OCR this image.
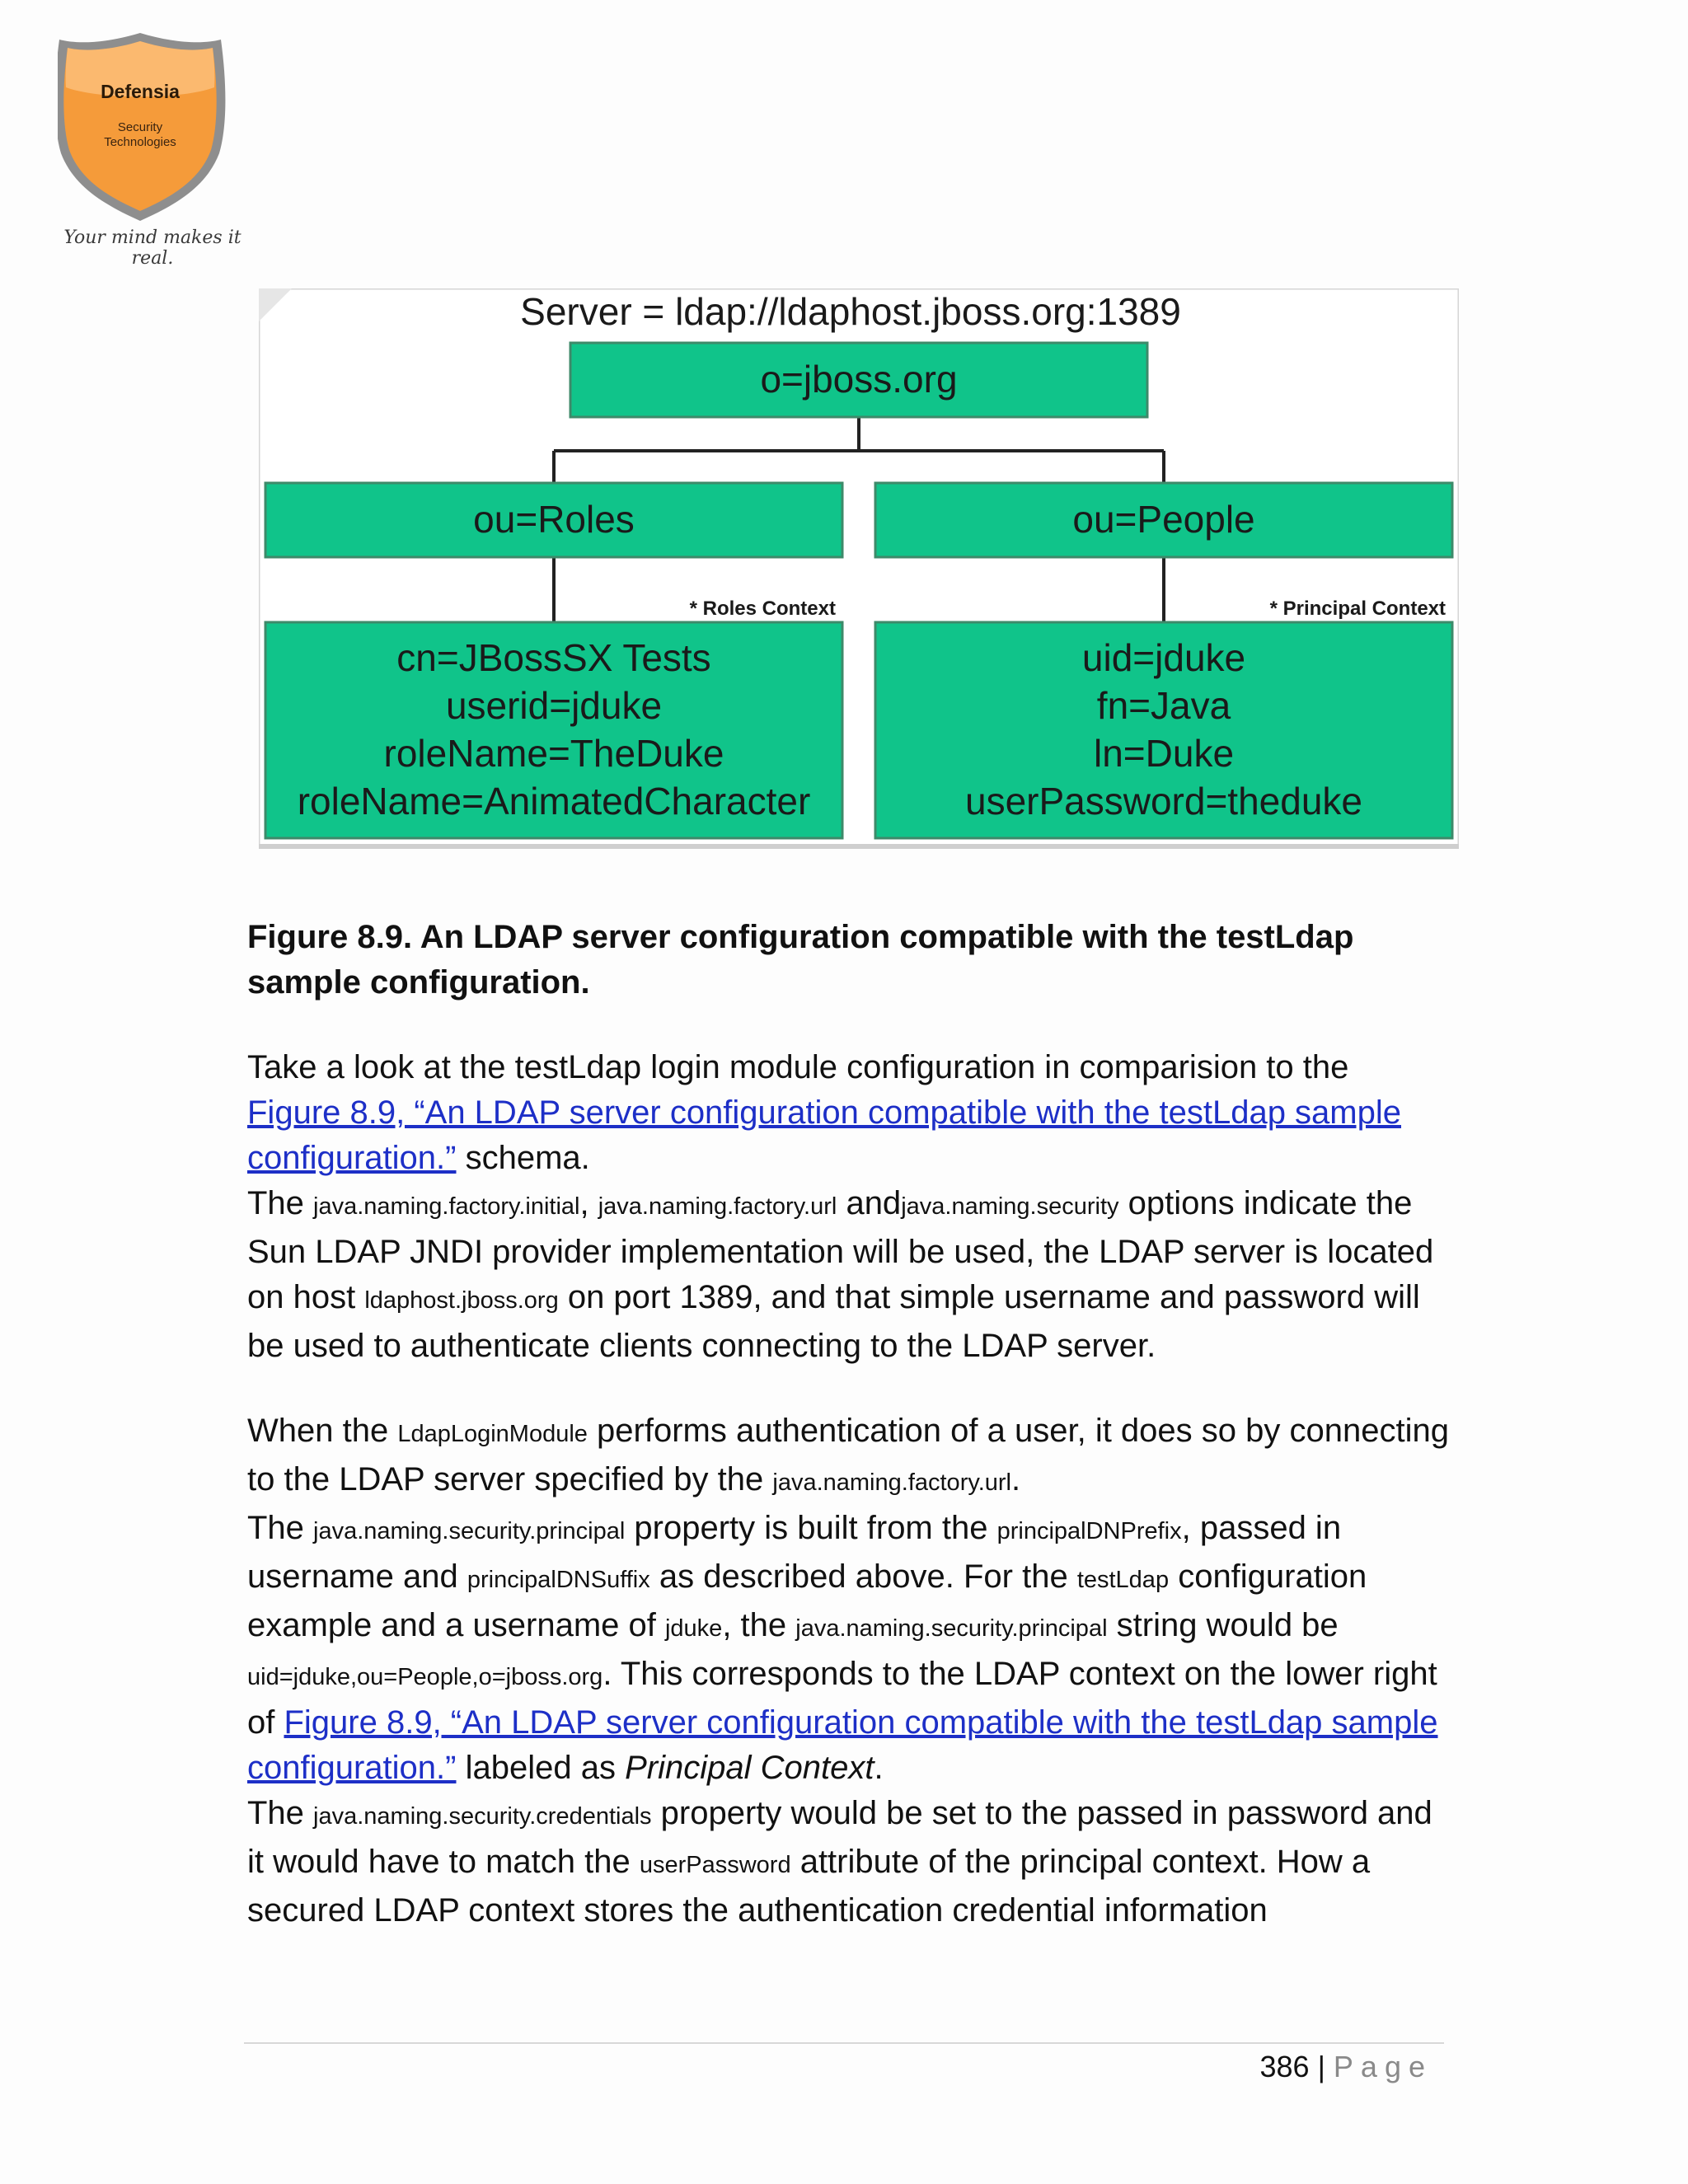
Defensia
Security
Technologies
Your mind makes it real.
Server = ldap://ldaphost.jboss.org:1389
o=jboss.org
ou=Roles	ou=People
* Roles Context	* Principal Context
cn=JBossSX Tests
userid=jduke
roleName=TheDuke
roleName=AnimatedCharacter
uid=jduke
fn=Java
ln=Duke
userPassword=theduke

Figure 8.9. An LDAP server configuration compatible with the testLdap sample configuration.

Take a look at the testLdap login module configuration in comparision to the Figure 8.9, “An LDAP server configuration compatible with the testLdap sample configuration.” schema.
The java.naming.factory.initial, java.naming.factory.url andjava.naming.security options indicate the Sun LDAP JNDI provider implementation will be used, the LDAP server is located on host ldaphost.jboss.org on port 1389, and that simple username and password will be used to authenticate clients connecting to the LDAP server.

When the LdapLoginModule performs authentication of a user, it does so by connecting to the LDAP server specified by the java.naming.factory.url.
The java.naming.security.principal property is built from the principalDNPrefix, passed in username and principalDNSuffix as described above. For the testLdap configuration example and a username of jduke, the java.naming.security.principal string would be uid=jduke,ou=People,o=jboss.org. This corresponds to the LDAP context on the lower right of Figure 8.9, “An LDAP server configuration compatible with the testLdap sample configuration.” labeled as Principal Context.
The java.naming.security.credentials property would be set to the passed in password and it would have to match the userPassword attribute of the principal context. How a secured LDAP context stores the authentication credential information

386 | Page
